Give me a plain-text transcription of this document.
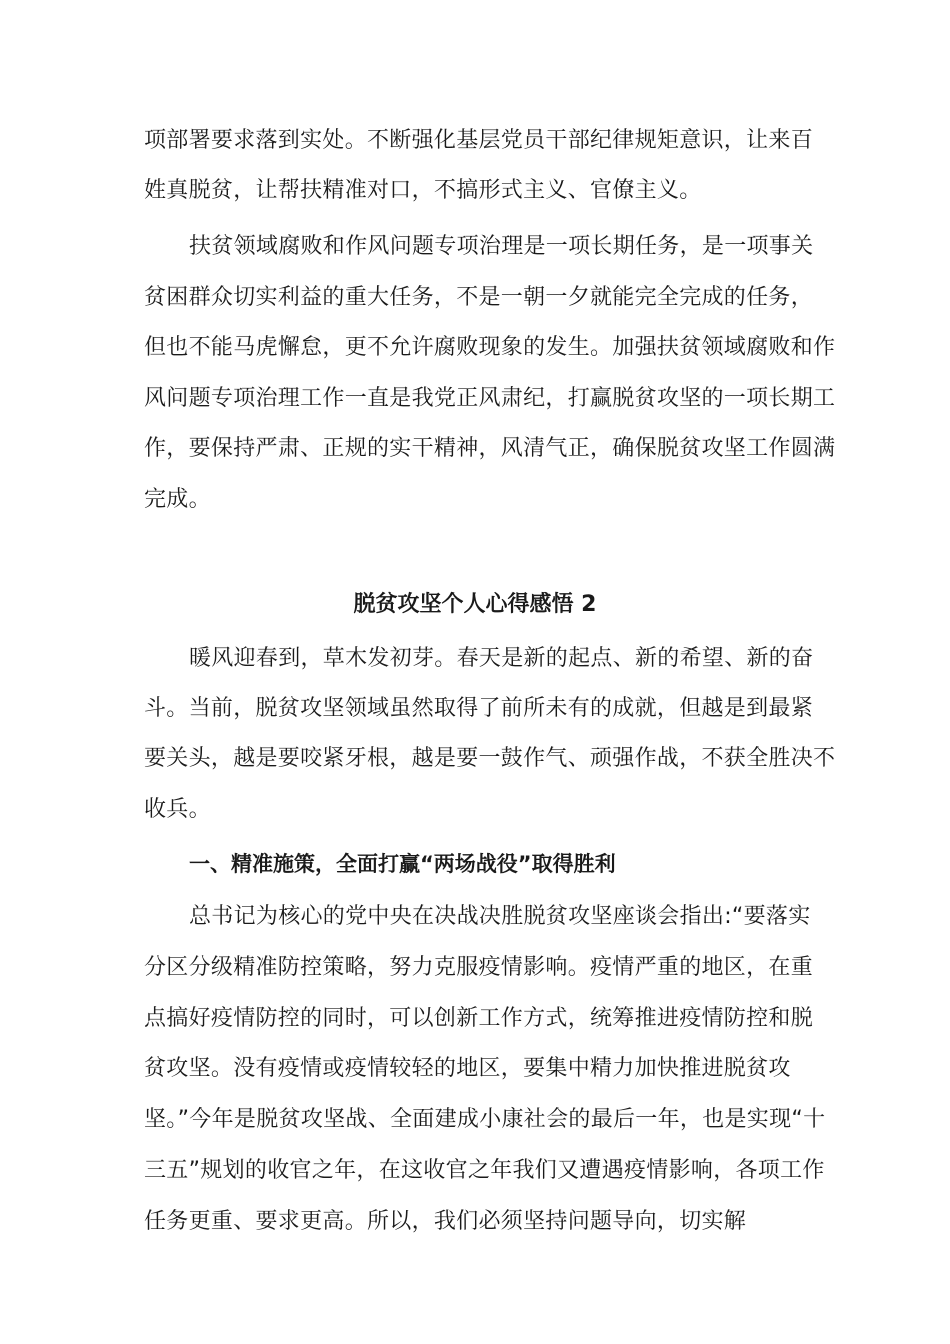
项部署要求落到实处。不断强化基层党员干部纪律规矩意识，让来百
姓真脱贫，让帮扶精准对口，不搞形式主义、官僚主义。
扶贫领域腐败和作风问题专项治理是一项长期任务，是一项事关
贫困群众切实利益的重大任务，不是一朝一夕就能完全完成的任务，
但也不能马虎懈怠，更不允许腐败现象的发生。加强扶贫领域腐败和作
风问题专项治理工作一直是我党正风肃纪，打赢脱贫攻坚的一项长期工
作，要保持严肃、正规的实干精神，风清气正，确保脱贫攻坚工作圆满
完成。
脱贫攻坚个人心得感悟 2
暖风迎春到，草木发初芽。春天是新的起点、新的希望、新的奋
斗。当前，脱贫攻坚领域虽然取得了前所未有的成就，但越是到最紧
要关头，越是要咬紧牙根，越是要一鼓作气、顽强作战，不获全胜决不
收兵。
一、精准施策，全面打赢“两场战役”取得胜利
总书记为核心的党中央在决战决胜脱贫攻坚座谈会指出:“要落实
分区分级精准防控策略，努力克服疫情影响。疫情严重的地区，在重
点搞好疫情防控的同时，可以创新工作方式，统筹推进疫情防控和脱
贫攻坚。没有疫情或疫情较轻的地区，要集中精力加快推进脱贫攻
坚。”今年是脱贫攻坚战、全面建成小康社会的最后一年，也是实现“十
三五”规划的收官之年，在这收官之年我们又遭遇疫情影响，各项工作
任务更重、要求更高。所以，我们必须坚持问题导向，切实解
